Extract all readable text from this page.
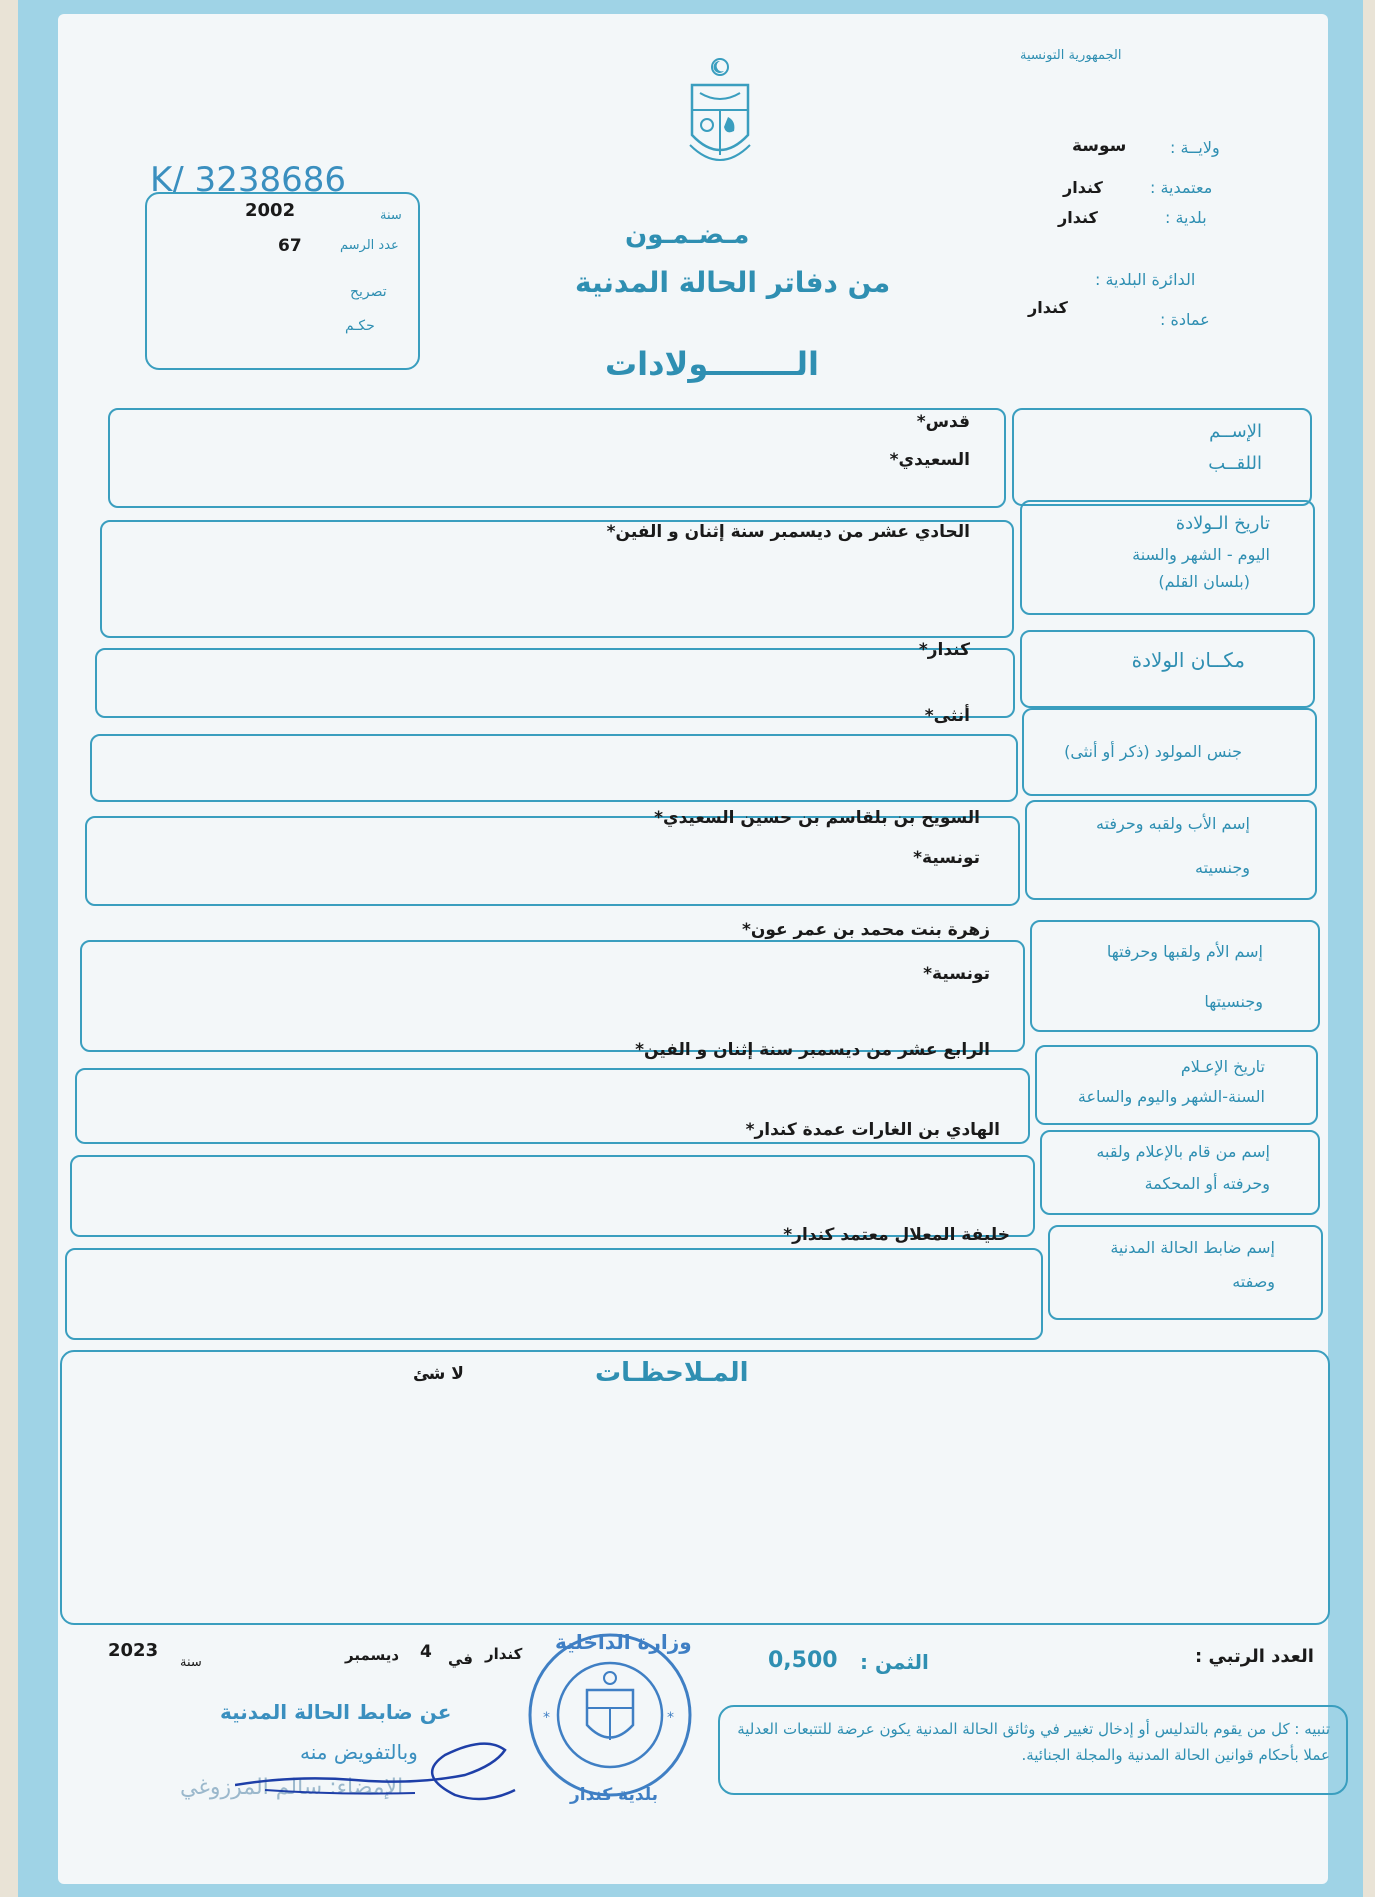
الجمهورية التونسية
ولايــة :
سوسة
معتمدية :
كندار
بلدية :
كندار
الدائرة البلدية :
عمادة :
كندار
K/ 3238686
سنة
2002
عدد الرسم
67
تصريح
حكـم
مـضـمـون
من دفاتر الحالة المدنية
الــــــــولادات
الإســم
اللقــب
قدس*
السعيدي*
تاريخ الـولادة
اليوم - الشهر والسنة
(بلسان القلم)
الحادي عشر من ديسمبر سنة إثنان و الفين*
مكــان الولادة
كندار*
جنس المولود (ذكر أو أنثى)
أنثى*
إسم الأب ولقبه وحرفته
وجنسيته
السويح بن بلقاسم بن حسين السعيدي*
تونسية*
إسم الأم ولقبها وحرفتها
وجنسيتها
زهرة بنت محمد بن عمر عون*
تونسية*
تاريخ الإعـلام
السنة-الشهر واليوم والساعة
الرابع عشر من ديسمبر سنة إثنان و الفين*
إسم من قام بالإعلام ولقبه
وحرفته أو المحكمة
الهادي بن الغارات عمدة كندار*
إسم ضابط الحالة المدنية
وصفته
خليفة المعلال معتمد كندار*
المـلاحظـات
لا شئ
العدد الرتبي :
الثمن :
0,500
كندار
في
4
ديسمبر
سنة
2023
عن ضابط الحالة المدنية
وبالتفويض منه
الإمضاء: سالم المرزوغي
*	*
وزارة الداخلية
بلدية كندار
تنبيه : كل من يقوم بالتدليس أو إدخال تغيير في وثائق الحالة المدنية يكون عرضة للتتبعات العدلية عملا بأحكام قوانين الحالة المدنية والمجلة الجنائية.
